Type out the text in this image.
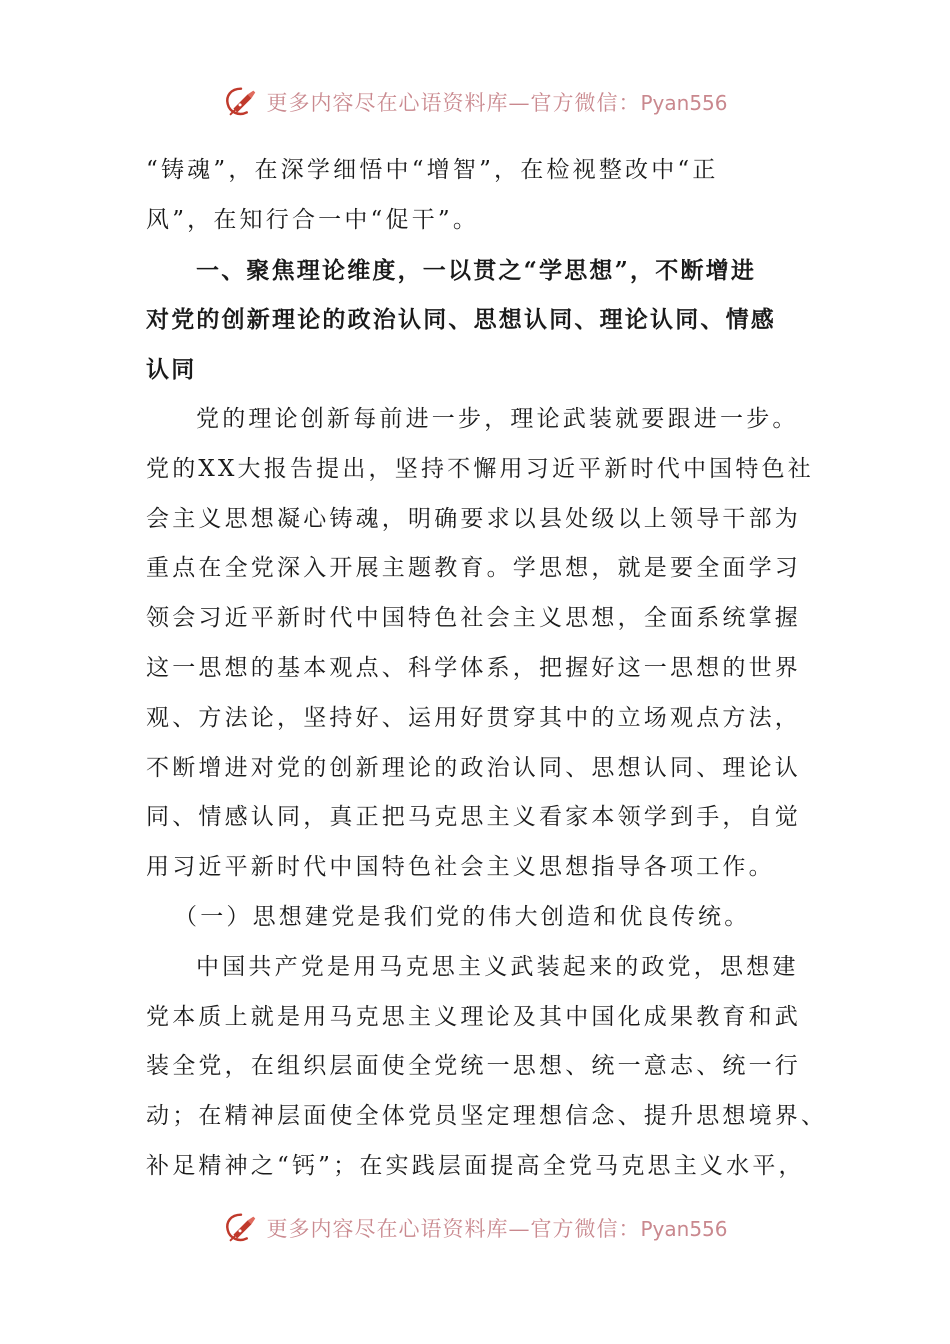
更多内容尽在心语资料库—官方微信：Pyan556
“铸魂”，在深学细悟中“增智”，在检视整改中“正
风”，在知行合一中“促干”。
一、聚焦理论维度，一以贯之“学思想”，不断增进
对党的创新理论的政治认同、思想认同、理论认同、情感
认同
党的理论创新每前进一步，理论武装就要跟进一步。
党的XX大报告提出，坚持不懈用习近平新时代中国特色社
会主义思想凝心铸魂，明确要求以县处级以上领导干部为
重点在全党深入开展主题教育。学思想，就是要全面学习
领会习近平新时代中国特色社会主义思想，全面系统掌握
这一思想的基本观点、科学体系，把握好这一思想的世界
观、方法论，坚持好、运用好贯穿其中的立场观点方法，
不断增进对党的创新理论的政治认同、思想认同、理论认
同、情感认同，真正把马克思主义看家本领学到手，自觉
用习近平新时代中国特色社会主义思想指导各项工作。
（一）思想建党是我们党的伟大创造和优良传统。
中国共产党是用马克思主义武装起来的政党，思想建
党本质上就是用马克思主义理论及其中国化成果教育和武
装全党，在组织层面使全党统一思想、统一意志、统一行
动；在精神层面使全体党员坚定理想信念、提升思想境界、
补足精神之“钙”；在实践层面提高全党马克思主义水平，
更多内容尽在心语资料库—官方微信：Pyan556
